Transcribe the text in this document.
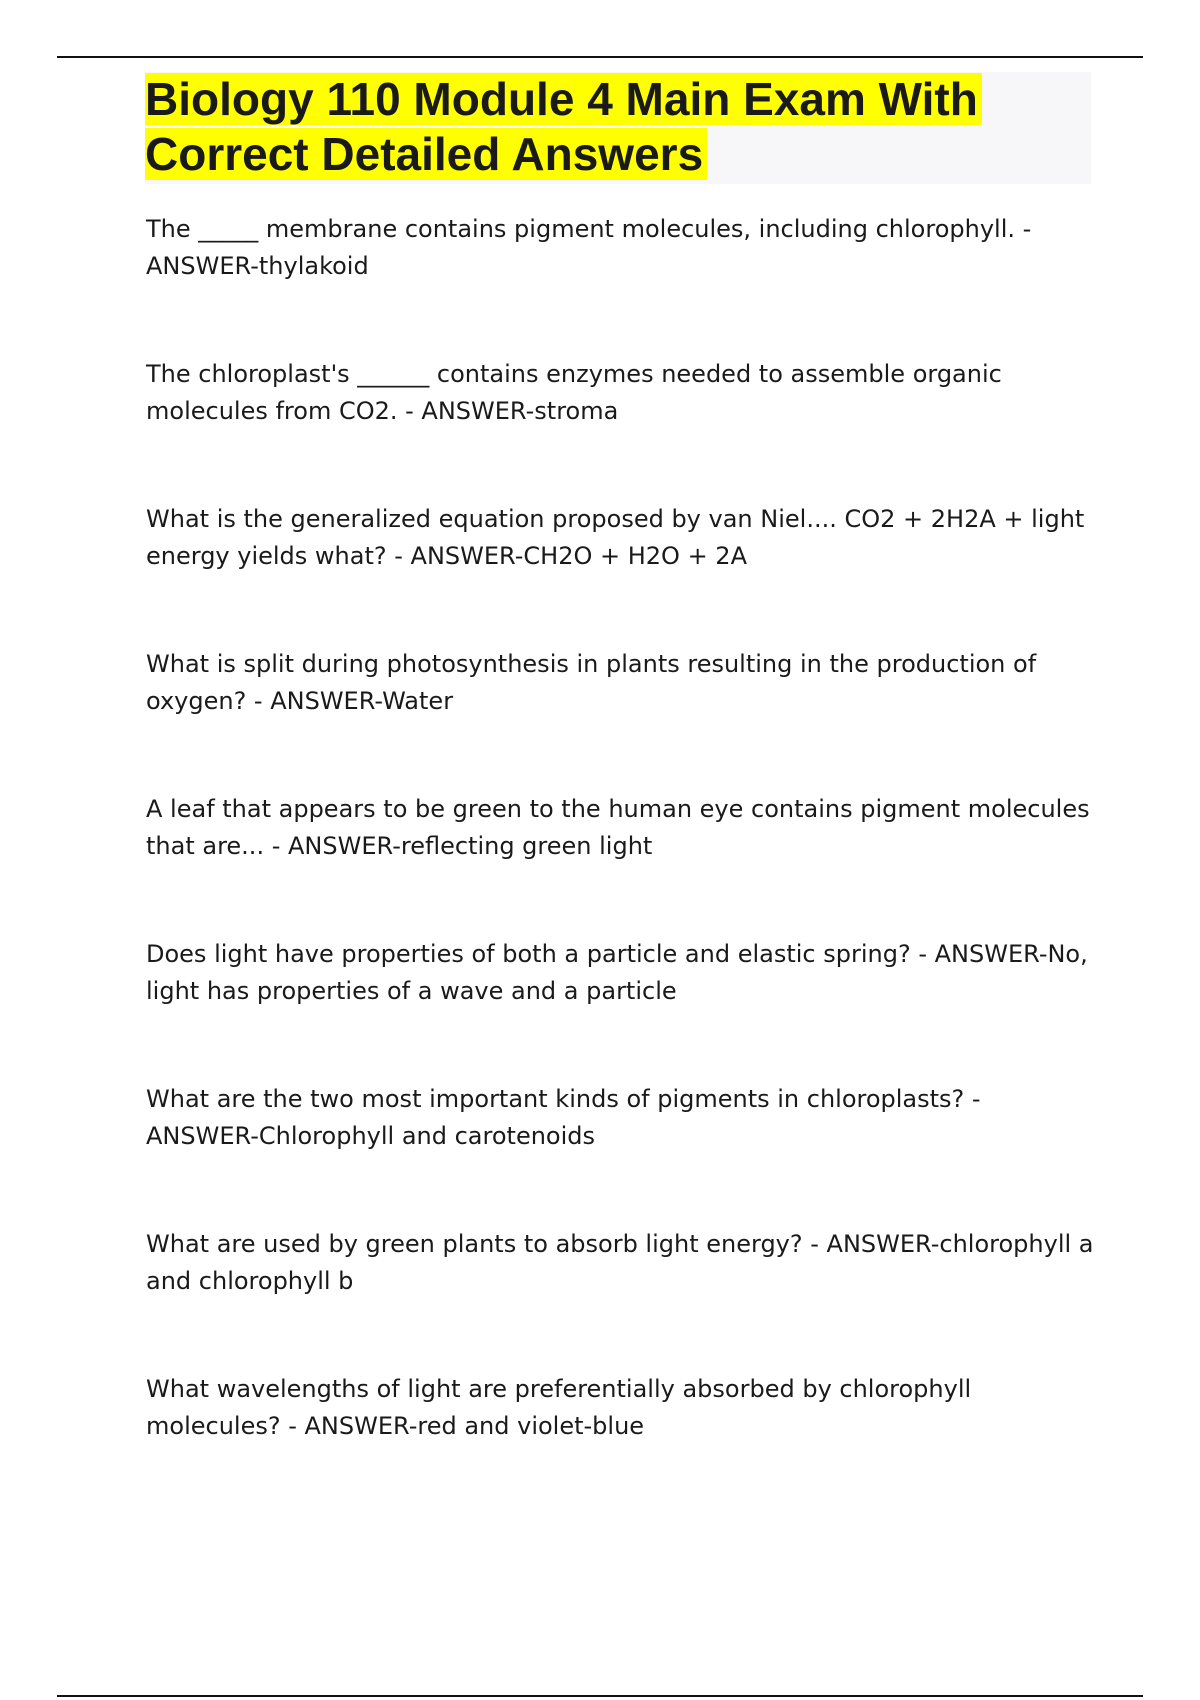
Biology 110 Module 4 Main Exam With
Correct Detailed Answers
The _____ membrane contains pigment molecules, including chlorophyll. - ANSWER-thylakoid
The chloroplast's ______ contains enzymes needed to assemble organic molecules from CO2. - ANSWER-stroma
What is the generalized equation proposed by van Niel.... CO2 + 2H2A + light energy yields what? - ANSWER-CH2O + H2O + 2A
What is split during photosynthesis in plants resulting in the production of oxygen? - ANSWER-Water
A leaf that appears to be green to the human eye contains pigment molecules that are... - ANSWER-reflecting green light
Does light have properties of both a particle and elastic spring? - ANSWER-No, light has properties of a wave and a particle
What are the two most important kinds of pigments in chloroplasts? - ANSWER-Chlorophyll and carotenoids
What are used by green plants to absorb light energy? - ANSWER-chlorophyll a and chlorophyll b
What wavelengths of light are preferentially absorbed by chlorophyll molecules? - ANSWER-red and violet-blue
